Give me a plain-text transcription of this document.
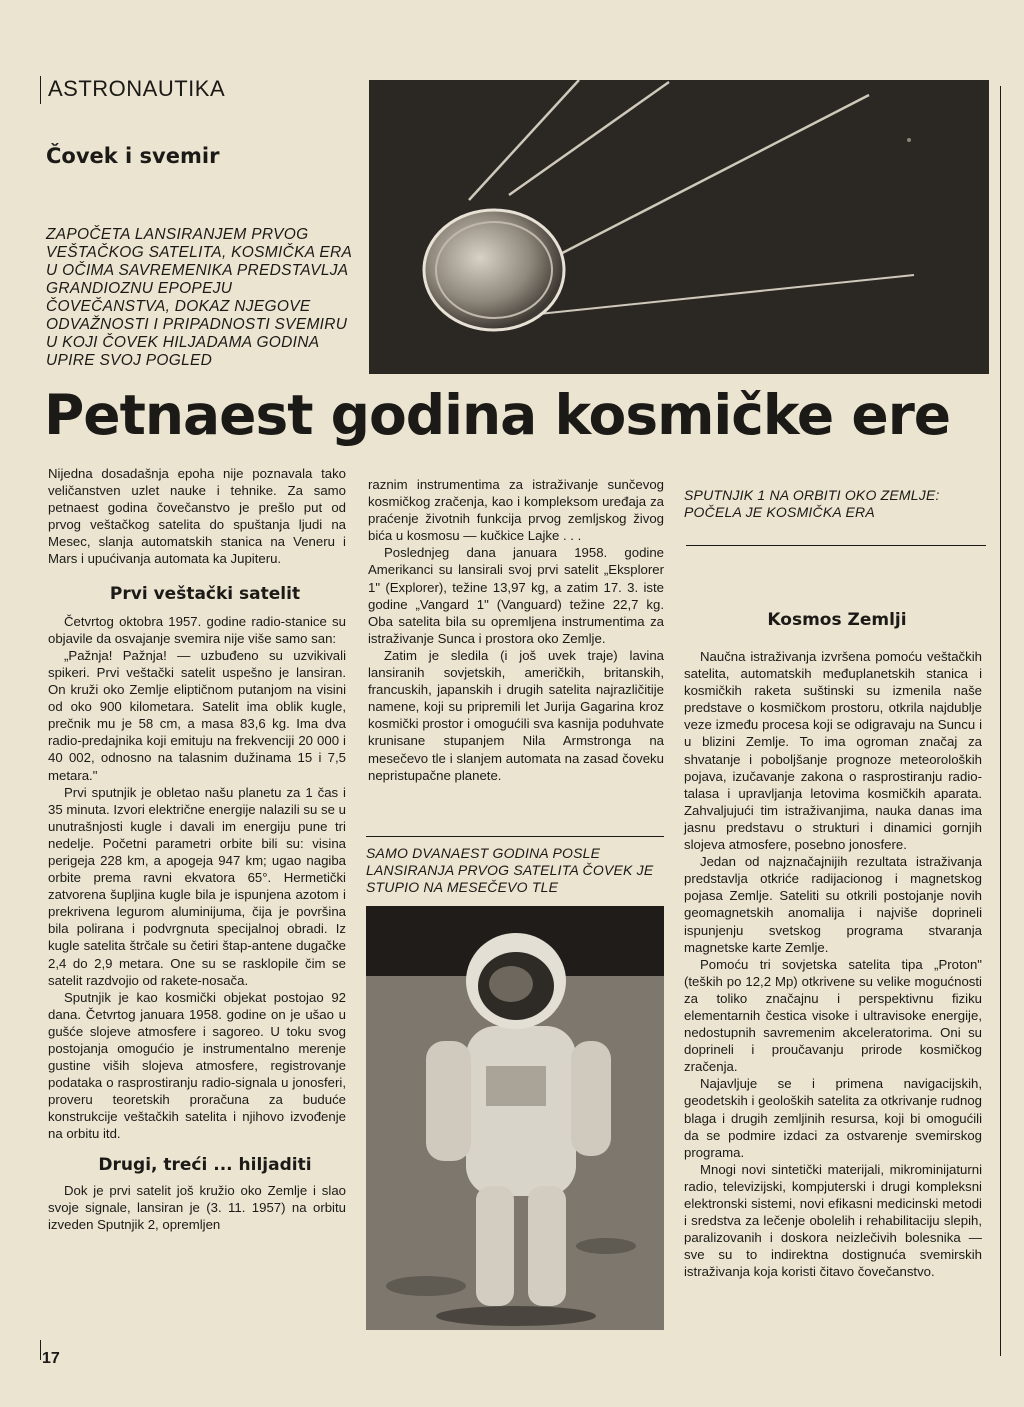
ASTRONAUTIKA
Čovek i svemir
ZAPOČETA LANSIRANJEM PRVOG VEŠTAČKOG SATELITA, KOSMIČKA ERA U OČIMA SAVREMENIKA PREDSTAVLJA GRANDIOZNU EPOPEJU ČOVEČANSTVA, DOKAZ NJEGOVE ODVAŽNOSTI I PRIPADNOSTI SVEMIRU U KOJI ČOVEK HILJADAMA GODINA UPIRE SVOJ POGLED
Petnaest godina kosmičke ere

Nijedna dosadašnja epoha nije poznavala tako veličanstven uzlet nauke i tehnike. Za samo petnaest godina čovečanstvo je prešlo put od prvog veštačkog satelita do spuštanja ljudi na Mesec, slanja automatskih stanica na Veneru i Mars i upućivanja automata ka Jupiteru.

Prvi veštački satelit

Četvrtog oktobra 1957. godine radio-stanice su objavile da osvajanje svemira nije više samo san:

„Pažnja! Pažnja! — uzbuđeno su uzvikivali spikeri. Prvi veštački satelit uspešno je lansiran. On kruži oko Zemlje eliptičnom putanjom na visini od oko 900 kilometara. Satelit ima oblik kugle, prečnik mu je 58 cm, a masa 83,6 kg. Ima dva radio-predajnika koji emituju na frekvenciji 20 000 i 40 002, odnosno na talasnim dužinama 15 i 7,5 metara."

Prvi sputnjik je obletao našu planetu za 1 čas i 35 minuta. Izvori električne energije nalazili su se u unutrašnjosti kugle i davali im energiju pune tri nedelje. Početni parametri orbite bili su: visina perigeja 228 km, a apogeja 947 km; ugao nagiba orbite prema ravni ekvatora 65°. Hermetički zatvorena šupljina kugle bila je ispunjena azotom i prekrivena legurom aluminijuma, čija je površina bila polirana i podvrgnuta specijalnoj obradi. Iz kugle satelita štrčale su četiri štap-antene dugačke 2,4 do 2,9 metara. One su se rasklopile čim se satelit razdvojio od rakete-nosača.

Sputnjik je kao kosmički objekat postojao 92 dana. Četvrtog januara 1958. godine on je ušao u gušće slojeve atmosfere i sagoreo. U toku svog postojanja omogućio je instrumentalno merenje gustine viših slojeva atmosfere, registrovanje podataka o rasprostiranju radio-signala u jonosferi, proveru teoretskih proračuna za buduće konstrukcije veštačkih satelita i njihovo izvođenje na orbitu itd.

Drugi, treći ... hiljaditi

Dok je prvi satelit još kružio oko Zemlje i slao svoje signale, lansiran je (3. 11. 1957) na orbitu izveden Sputnjik 2, opremljen

raznim instrumentima za istraživanje sunčevog kosmičkog zračenja, kao i kompleksom uređaja za praćenje životnih funkcija prvog zemljskog živog bića u kosmosu — kučkice Lajke . . .

Poslednjeg dana januara 1958. godine Amerikanci su lansirali svoj prvi satelit „Eksplorer 1" (Explorer), težine 13,97 kg, a zatim 17. 3. iste godine „Vangard 1" (Vanguard) težine 22,7 kg. Oba satelita bila su opremljena instrumentima za istraživanje Sunca i prostora oko Zemlje.

Zatim je sledila (i još uvek traje) lavina lansiranih sovjetskih, američkih, britanskih, francuskih, japanskih i drugih satelita najrazličitije namene, koji su pripremili let Jurija Gagarina kroz kosmički prostor i omogućili sva kasnija poduhvate krunisane stupanjem Nila Armstronga na mesečevo tle i slanjem automata na zasad čoveku nepristupačne planete.

SAMO DVANAEST GODINA POSLE LANSIRANJA PRVOG SATELITA ČOVEK JE STUPIO NA MESEČEVO TLE
SPUTNJIK 1 NA ORBITI OKO ZEMLJE: POČELA JE KOSMIČKA ERA

Kosmos Zemlji

Naučna istraživanja izvršena pomoću veštačkih satelita, automatskih međuplanetskih stanica i kosmičkih raketa suštinski su izmenila naše predstave o kosmičkom prostoru, otkrila najdublje veze između procesa koji se odigravaju na Suncu i u blizini Zemlje. To ima ogroman značaj za shvatanje i poboljšanje prognoze meteoroloških pojava, izučavanje zakona o rasprostiranju radio-talasa i upravljanja letovima kosmičkih aparata. Zahvaljujući tim istraživanjima, nauka danas ima jasnu predstavu o strukturi i dinamici gornjih slojeva atmosfere, posebno jonosfere.

Jedan od najznačajnijih rezultata istraživanja predstavlja otkriće radijacionog i magnetskog pojasa Zemlje. Sateliti su otkrili postojanje novih geomagnetskih anomalija i najviše doprineli ispunjenju svetskog programa stvaranja magnetske karte Zemlje.

Pomoću tri sovjetska satelita tipa „Proton" (teških po 12,2 Mp) otkrivene su velike mogućnosti za toliko značajnu i perspektivnu fiziku elementarnih čestica visoke i ultravisoke energije, nedostupnih savremenim akceleratorima. Oni su doprineli i proučavanju prirode kosmičkog zračenja.

Najavljuje se i primena navigacijskih, geodetskih i geoloških satelita za otkrivanje rudnog blaga i drugih zemljinih resursa, koji bi omogućili da se podmire izdaci za ostvarenje svemirskog programa.

Mnogi novi sintetički materijali, mikrominijaturni radio, televizijski, kompjuterski i drugi kompleksni elektronski sistemi, novi efikasni medicinski metodi i sredstva za lečenje obolelih i rehabilitaciju slepih, paralizovanih i doskora neizlečivih bolesnika — sve su to indirektna dostignuća svemirskih istraživanja koja koristi čitavo čovečanstvo.

17
